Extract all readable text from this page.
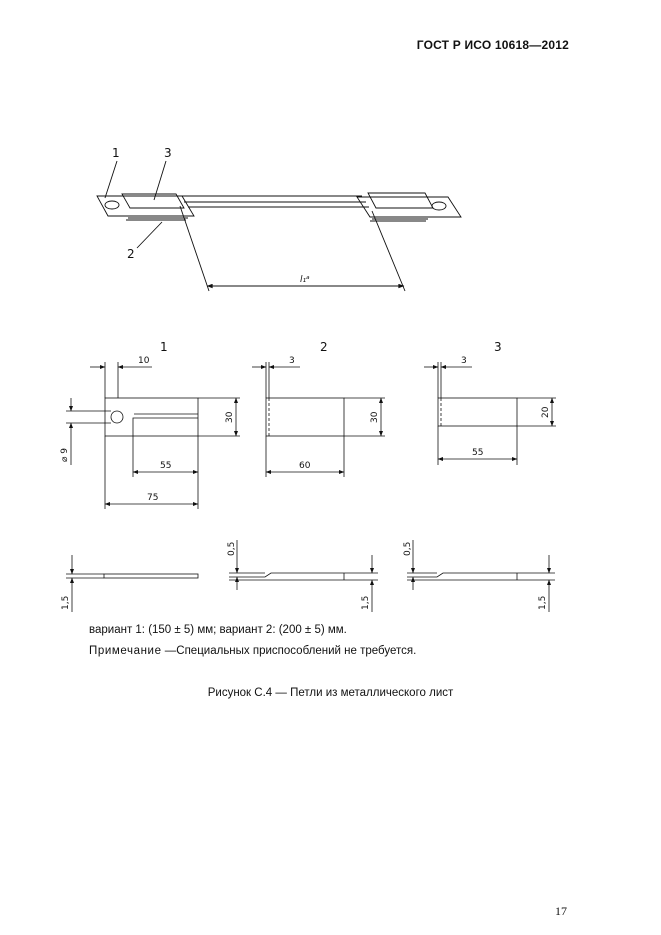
ГОСТ Р ИСО 10618—2012
1	3
2
l₁ᵃ
1
10
30
⌀ 9
55
75
2
3
30
60
3
3
20
55
1,5
0,5
1,5
0,5
1,5
вариант 1: (150 ± 5) мм; вариант 2: (200 ± 5) мм.
Примечание —Специальных приспособлений не требуется.
Рисунок С.4 — Петли из металлического лист
17
